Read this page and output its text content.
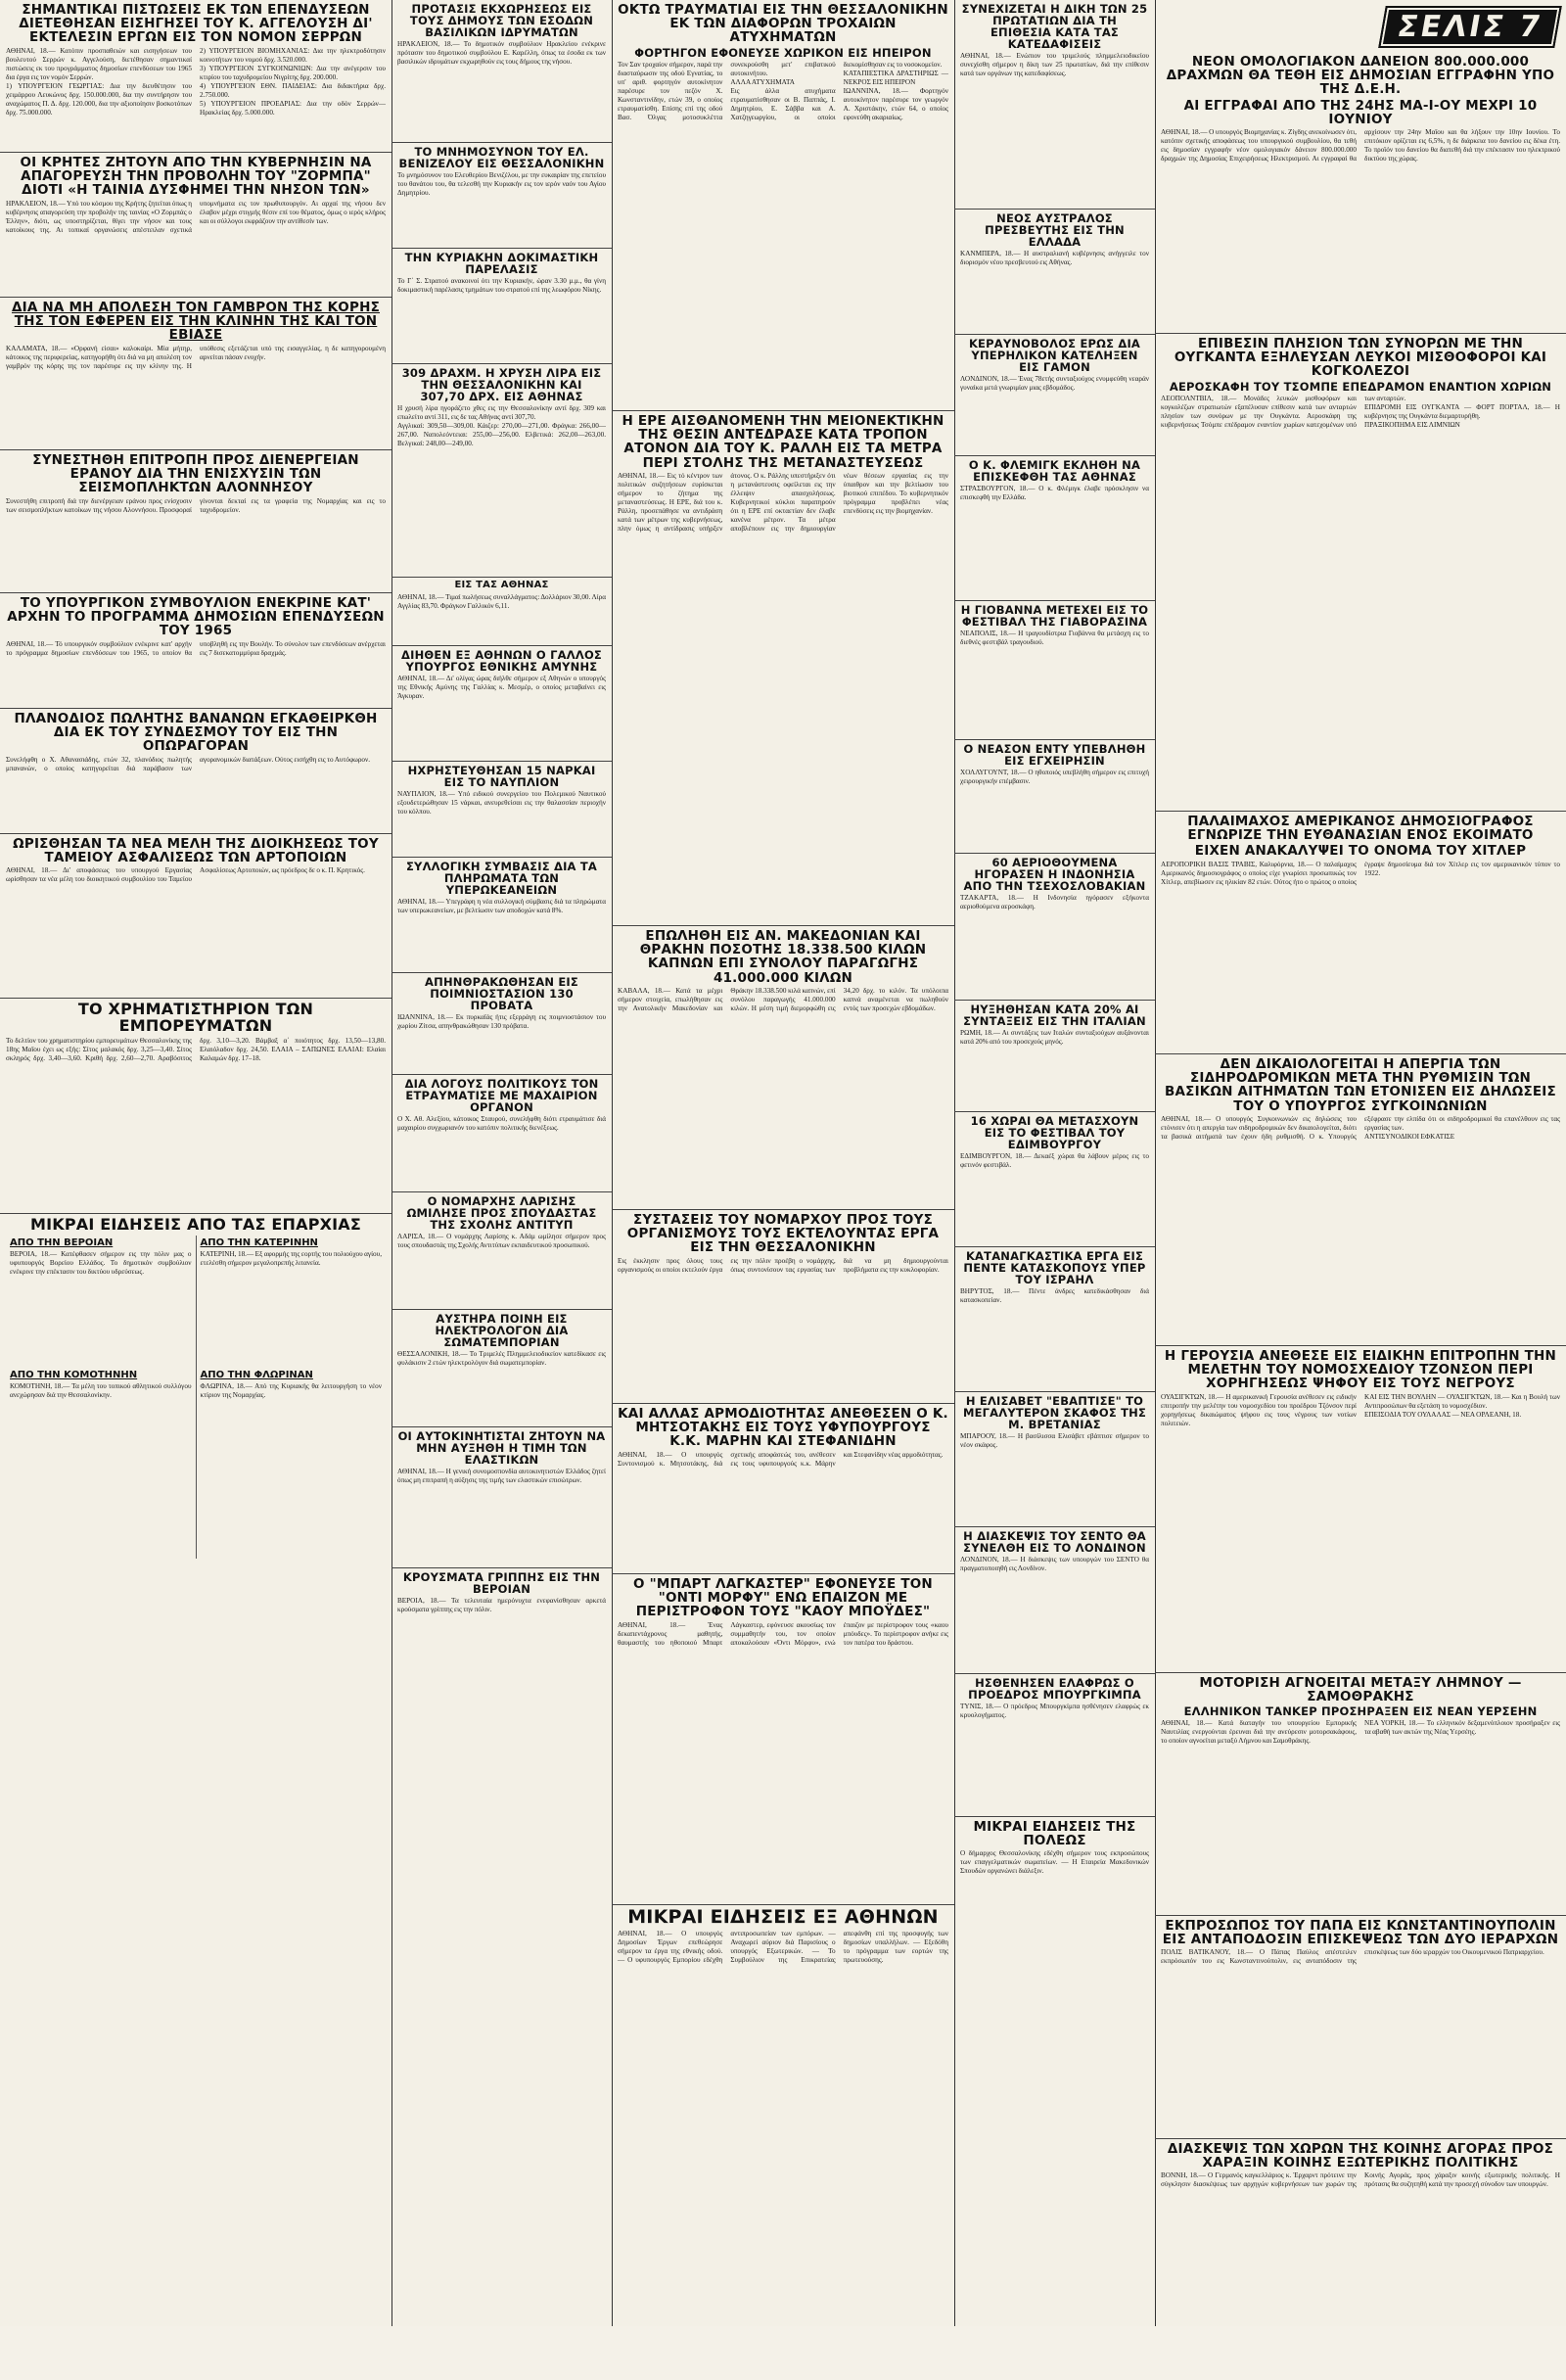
ΣΗΜΑΝΤΙΚΑΙ ΠΙΣΤΩΣΕΙΣ ΕΚ ΤΩΝ ΕΠΕΝΔΥΣΕΩΝ ΔΙΕΤΕΘΗΣΑΝ ΕΙΣΗΓΗΣΕΙ ΤΟΥ Κ. ΑΓΓΕΛΟΥΣΗ ΔΙ' ΕΚΤΕΛΕΣΙΝ ΕΡΓΩΝ ΕΙΣ ΤΟΝ ΝΟΜΟΝ ΣΕΡΡΩΝ
ΑΘΗΝΑΙ, 18.— Κατόπιν προσπαθειών και εισηγήσεων του βουλευτού Σερρών κ. Αγγελούση, διετέθησαν σημαντικαί πιστώσεις εκ του προγράμματος δημοσίων επενδύσεων του 1965 δια έργα εις τον νομόν Σερρών.
1) ΥΠΟΥΡΓΕΙΟΝ ΓΕΩΡΓΙΑΣ: Δια την διευθέτησιν του χειμάρρου Λευκώνος δρχ. 150.000.000, δια την συντήρησιν του αναχώματος Π. Δ. δρχ. 120.000, δια την αξιοποίησιν βοσκοτόπων δρχ. 75.000.000.
2) ΥΠΟΥΡΓΕΙΟΝ ΒΙΟΜΗΧΑΝΙΑΣ: Δια την ηλεκτροδότησιν κοινοτήτων του νομού δρχ. 3.520.000.
3) ΥΠΟΥΡΓΕΙΟΝ ΣΥΓΚΟΙΝΩΝΙΩΝ: Δια την ανέγερσιν του κτιρίου του ταχυδρομείου Νιγρίτης δρχ. 200.000.
4) ΥΠΟΥΡΓΕΙΟΝ ΕΘΝ. ΠΑΙΔΕΙΑΣ: Δια διδακτήρια δρχ. 2.750.000.
5) ΥΠΟΥΡΓΕΙΟΝ ΠΡΟΕΔΡΙΑΣ: Δια την οδόν Σερρών—Ηρακλείας δρχ. 5.000.000.
ΟΙ ΚΡΗΤΕΣ ΖΗΤΟΥΝ ΑΠΟ ΤΗΝ ΚΥΒΕΡΝΗΣΙΝ ΝΑ ΑΠΑΓΟΡΕΥΣΗ ΤΗΝ ΠΡΟΒΟΛΗΝ ΤΟΥ "ΖΟΡΜΠΑ" ΔΙΟΤΙ «Η ΤΑΙΝΙΑ ΔΥΣΦΗΜΕΙ ΤΗΝ ΝΗΣΟΝ ΤΩΝ»
ΗΡΑΚΛΕΙΟΝ, 18.— Υπό του κόσμου της Κρήτης ζητείται όπως η κυβέρνησις απαγορεύση την προβολήν της ταινίας «Ο Ζορμπάς ο Έλλην», διότι, ως υποστηρίζεται, θίγει την νήσον και τους κατοίκους της. Αι τοπικαί οργανώσεις απέστειλαν σχετικά υπομνήματα εις τον πρωθυπουργόν. Αι αρχαί της νήσου δεν έλαβον μέχρι στιγμής θέσιν επί του θέματος, όμως ο ιερός κλήρος και οι σύλλογοι εκφράζουν την αντίθεσίν των.
ΔΙΑ ΝΑ ΜΗ ΑΠΟΛΕΣΗ ΤΟΝ ΓΑΜΒΡΟΝ ΤΗΣ ΚΟΡΗΣ ΤΗΣ ΤΟΝ ΕΦΕΡΕΝ ΕΙΣ ΤΗΝ ΚΛΙΝΗΝ ΤΗΣ ΚΑΙ ΤΟΝ ΕΒΙΑΣΕ
ΚΑΛΑΜΑΤΑ, 18.— «Ορφανή είσαι» καλοκαίρι. Μία μήτηρ, κάτοικος της περιφερείας, κατηγορήθη ότι διά να μη απολέση τον γαμβρόν της κόρης της τον παρέσυρε εις την κλίνην της. Η υπόθεσις εξετάζεται υπό της εισαγγελίας, η δε κατηγορουμένη αρνείται πάσαν ενοχήν.
ΣΥΝΕΣΤΗΘΗ ΕΠΙΤΡΟΠΗ ΠΡΟΣ ΔΙΕΝΕΡΓΕΙΑΝ ΕΡΑΝΟΥ ΔΙΑ ΤΗΝ ΕΝΙΣΧΥΣΙΝ ΤΩΝ ΣΕΙΣΜΟΠΛΗΚΤΩΝ ΑΛΟΝΝΗΣΟΥ
Συνεστήθη επιτροπή διά την διενέργειαν εράνου προς ενίσχυσιν των σεισμοπλήκτων κατοίκων της νήσου Αλοννήσου. Προσφοραί γίνονται δεκταί εις τα γραφεία της Νομαρχίας και εις το ταχυδρομείον.
ΤΟ ΥΠΟΥΡΓΙΚΟΝ ΣΥΜΒΟΥΛΙΟΝ ΕΝΕΚΡΙΝΕ ΚΑΤ' ΑΡΧΗΝ ΤΟ ΠΡΟΓΡΑΜΜΑ ΔΗΜΟΣΙΩΝ ΕΠΕΝΔΥΣΕΩΝ ΤΟΥ 1965
ΑΘΗΝΑΙ, 18.— Τό υπουργικόν συμβούλιον ενέκρινε κατ' αρχήν το πρόγραμμα δημοσίων επενδύσεων του 1965, το οποίον θα υποβληθή εις την Βουλήν. Το σύνολον των επενδύσεων ανέρχεται εις 7 δισεκατομμύρια δραχμάς.
ΠΛΑΝΟΔΙΟΣ ΠΩΛΗΤΗΣ ΒΑΝΑΝΩΝ ΕΓΚΑΘΕΙΡΚΘΗ ΔΙΑ ΕΚ ΤΟΥ ΣΥΝΔΕΣΜΟΥ ΤΟΥ ΕΙΣ ΤΗΝ ΟΠΩΡΑΓΟΡΑΝ
Συνελήφθη ο Χ. Αθανασιάδης, ετών 32, πλανόδιος πωλητής μπανανών, ο οποίος κατηγορείται διά παράβασιν των αγορανομικών διατάξεων. Ούτος εισήχθη εις το Αυτόφωρον.
ΩΡΙΣΘΗΣΑΝ ΤΑ ΝΕΑ ΜΕΛΗ ΤΗΣ ΔΙΟΙΚΗΣΕΩΣ ΤΟΥ ΤΑΜΕΙΟΥ ΑΣΦΑΛΙΣΕΩΣ ΤΩΝ ΑΡΤΟΠΟΙΩΝ
ΑΘΗΝΑΙ, 18.— Δι' αποφάσεως του υπουργού Εργασίας ωρίσθησαν τα νέα μέλη του διοικητικού συμβουλίου του Ταμείου Ασφαλίσεως Αρτοποιών, ως πρόεδρος δε ο κ. Π. Κρητικός.
ΤΟ ΧΡΗΜΑΤΙΣΤΗΡΙΟΝ ΤΩΝ ΕΜΠΟΡΕΥΜΑΤΩΝ
Το δελτίον του χρηματιστηρίου εμπορευμάτων Θεσσαλονίκης της 18ης Μαΐου έχει ως εξής: Σίτος μαλακός δρχ. 3,25—3,40. Σίτος σκληρός δρχ. 3,40—3,60. Κριθή δρχ. 2,60—2,70. Αραβόσιτος δρχ. 3,10—3,20. Βάμβαξ α΄ ποιότητος δρχ. 13,50—13,80. Ελαιόλαδον δρχ. 24,50. ΕΛΑΙΑ – ΣΑΠΩΝΕΣ ΕΛΑΙΑΙ: Ελαίαι Καλαμών δρχ. 17–18.
ΜΙΚΡΑΙ ΕΙΔΗΣΕΙΣ ΑΠΟ ΤΑΣ ΕΠΑΡΧΙΑΣ
ΑΠΟ ΤΗΝ ΒΕΡΟΙΑΝ
ΒΕΡΟΙΑ, 18.— Κατέφθασεν σήμερον εις την πόλιν μας ο υφυπουργός Βορείου Ελλάδος. Το δημοτικόν συμβούλιον ενέκρινε την επέκτασιν του δικτύου υδρεύσεως.
ΑΠΟ ΤΗΝ ΚΟΜΟΤΗΝΗΝ
ΚΟΜΟΤΗΝΗ, 18.— Τα μέλη του τοπικού αθλητικού συλλόγου ανεχώρησαν διά την Θεσσαλονίκην.
ΑΠΟ ΤΗΝ ΚΑΤΕΡΙΝΗΝ
ΚΑΤΕΡΙΝΗ, 18.— Εξ αφορμής της εορτής του πολιούχου αγίου, ετελέσθη σήμερον μεγαλοπρεπής λιτανεία.
ΑΠΟ ΤΗΝ ΦΛΩΡΙΝΑΝ
ΦΛΩΡΙΝΑ, 18.— Από της Κυριακής θα λειτουργήση το νέον κτίριον της Νομαρχίας.
ΠΡΟΤΑΣΙΣ ΕΚΧΩΡΗΣΕΩΣ ΕΙΣ ΤΟΥΣ ΔΗΜΟΥΣ ΤΩΝ ΕΣΟΔΩΝ ΒΑΣΙΛΙΚΩΝ ΙΔΡΥΜΑΤΩΝ
ΗΡΑΚΛΕΙΟΝ, 18.— Το δημοτικόν συμβούλιον Ηρακλείου ενέκρινε πρότασιν του δημοτικού συμβούλου Ε. Καρέλλη, όπως τα έσοδα εκ των βασιλικών ιδρυμάτων εκχωρηθούν εις τους δήμους της νήσου.
ΤΟ ΜΝΗΜΟΣΥΝΟΝ ΤΟΥ ΕΛ. ΒΕΝΙΖΕΛΟΥ ΕΙΣ ΘΕΣΣΑΛΟΝΙΚΗΝ
Το μνημόσυνον του Ελευθερίου Βενιζέλου, με την ευκαιρίαν της επετείου του θανάτου του, θα τελεσθή την Κυριακήν εις τον ιερόν ναόν του Αγίου Δημητρίου.
ΤΗΝ ΚΥΡΙΑΚΗΝ ΔΟΚΙΜΑΣΤΙΚΗ ΠΑΡΕΛΑΣΙΣ
Το Γ΄ Σ. Στρατού ανακοινοί ότι την Κυριακήν, ώραν 3.30 μ.μ., θα γίνη δοκιμαστική παρέλασις τμημάτων του στρατού επί της λεωφόρου Νίκης.
309 ΔΡΑΧΜ. Η ΧΡΥΣΗ ΛΙΡΑ ΕΙΣ ΤΗΝ ΘΕΣΣΑΛΟΝΙΚΗΝ ΚΑΙ 307,70 ΔΡΧ. ΕΙΣ ΑΘΗΝΑΣ
Η χρυσή λίρα ηγοράζετο χθες εις την Θεσσαλονίκην αντί δρχ. 309 και επωλείτο αντί 311, εις δε τας Αθήνας αντί 307,70.
Αγγλικαί: 309,50—309,00. Κάιζερ: 270,00—271,00. Φράγκα: 266,00—267,00. Ναπολεόντειαι: 255,00—256,00. Ελβετικά: 262,00—263,00. Βελγικαί: 248,00—249,00.
ΕΙΣ ΤΑΣ ΑΘΗΝΑΣ
ΑΘΗΝΑΙ, 18.— Τιμαί πωλήσεως συναλλάγματος: Δολλάριον 30,00. Λίρα Αγγλίας 83,70. Φράγκον Γαλλικόν 6,11.
ΔΙΗΘΕΝ ΕΞ ΑΘΗΝΩΝ Ο ΓΑΛΛΟΣ ΥΠΟΥΡΓΟΣ ΕΘΝΙΚΗΣ ΑΜΥΝΗΣ
ΑΘΗΝΑΙ, 18.— Δι' ολίγας ώρας διήλθε σήμερον εξ Αθηνών ο υπουργός της Εθνικής Αμύνης της Γαλλίας κ. Μεσμέρ, ο οποίος μεταβαίνει εις Άγκυραν.
ΗΧΡΗΣΤΕΥΘΗΣΑΝ 15 ΝΑΡΚΑΙ ΕΙΣ ΤΟ ΝΑΥΠΛΙΟΝ
ΝΑΥΠΛΙΟΝ, 18.— Υπό ειδικού συνεργείου του Πολεμικού Ναυτικού εξουδετερώθησαν 15 νάρκαι, ανευρεθείσαι εις την θαλασσίαν περιοχήν του κόλπου.
ΣΥΛΛΟΓΙΚΗ ΣΥΜΒΑΣΙΣ ΔΙΑ ΤΑ ΠΛΗΡΩΜΑΤΑ ΤΩΝ ΥΠΕΡΩΚΕΑΝΕΙΩΝ
ΑΘΗΝΑΙ, 18.— Υπεγράφη η νέα συλλογική σύμβασις διά τα πληρώματα των υπερωκεανείων, με βελτίωσιν των αποδοχών κατά 8%.
ΑΠΗΝΘΡΑΚΩΘΗΣΑΝ ΕΙΣ ΠΟΙΜΝΙΟΣΤΑΣΙΟΝ 130 ΠΡΟΒΑΤΑ
ΙΩΑΝΝΙΝΑ, 18.— Εκ πυρκαϊάς ήτις εξερράγη εις ποιμνιοστάσιον του χωρίου Ζίτσα, απηνθρακώθησαν 130 πρόβατα.
ΔΙΑ ΛΟΓΟΥΣ ΠΟΛΙΤΙΚΟΥΣ ΤΟΝ ΕΤΡΑΥΜΑΤΙΣΕ ΜΕ ΜΑΧΑΙΡΙΟΝ ΟΡΓΑΝΟΝ
Ο Χ. Αθ. Αλεξίου, κάτοικος Σταυρού, συνελήφθη διότι ετραυμάτισε διά μαχαιρίου συγχωριανόν του κατόπιν πολιτικής διενέξεως.
Ο ΝΟΜΑΡΧΗΣ ΛΑΡΙΣΗΣ ΩΜΙΛΗΣΕ ΠΡΟΣ ΣΠΟΥΔΑΣΤΑΣ ΤΗΣ ΣΧΟΛΗΣ ΑΝΤΙΤΥΠ
ΛΑΡΙΣΑ, 18.— Ο νομάρχης Λαρίσης κ. Αδάμ ωμίλησε σήμερον προς τους σπουδαστάς της Σχολής Αντιτύπων εκπαιδευτικού προσωπικού.
ΑΥΣΤΗΡΑ ΠΟΙΝΗ ΕΙΣ ΗΛΕΚΤΡΟΛΟΓΟΝ ΔΙΑ ΣΩΜΑΤΕΜΠΟΡΙΑΝ
ΘΕΣΣΑΛΟΝΙΚΗ, 18.— Το Τριμελές Πλημμελειοδικείον κατεδίκασε εις φυλάκισιν 2 ετών ηλεκτρολόγον διά σωματεμπορίαν.
ΟΙ ΑΥΤΟΚΙΝΗΤΙΣΤΑΙ ΖΗΤΟΥΝ ΝΑ ΜΗΝ ΑΥΞΗΘΗ Η ΤΙΜΗ ΤΩΝ ΕΛΑΣΤΙΚΩΝ
ΑΘΗΝΑΙ, 18.— Η γενική συνομοσπονδία αυτοκινητιστών Ελλάδος ζητεί όπως μη επιτραπή η αύξησις της τιμής των ελαστικών επισώτρων.
ΚΡΟΥΣΜΑΤΑ ΓΡΙΠΠΗΣ ΕΙΣ ΤΗΝ ΒΕΡΟΙΑΝ
ΒΕΡΟΙΑ, 18.— Τα τελευταία ημερόνυχτα ενεφανίσθησαν αρκετά κρούσματα γρίππης εις την πόλιν.
ΟΚΤΩ ΤΡΑΥΜΑΤΙΑΙ ΕΙΣ ΤΗΝ ΘΕΣΣΑΛΟΝΙΚΗΝ ΕΚ ΤΩΝ ΔΙΑΦΟΡΩΝ ΤΡΟΧΑΙΩΝ ΑΤΥΧΗΜΑΤΩΝ
ΦΟΡΤΗΓΟΝ ΕΦΟΝΕΥΣΕ ΧΩΡΙΚΟΝ ΕΙΣ ΗΠΕΙΡΟΝ
Τον Σαν τροχαίον σήμερον, παρά την διασταύρωσιν της οδού Εγνατίας, το υπ' αριθ. φορτηγόν αυτοκίνητον παρέσυρε τον πεζόν Χ. Κωνσταντινίδην, ετών 39, ο οποίος ετραυματίσθη. Επίσης επί της οδού Βασ. Όλγας μοτοσυκλέττα συνεκρούσθη μετ' επιβατικού αυτοκινήτου.
ΑΛΛΑ ΑΤΥΧΗΜΑΤΑ
Εις άλλα ατυχήματα ετραυματίσθησαν οι Β. Παππάς, Ι. Δημητρίου, Ε. Σάββα και Α. Χατζηγεωργίου, οι οποίοι διεκομίσθησαν εις το νοσοκομείον.
ΚΑΤΑΠΙΕΣΤΙΚΑ ΔΡΑΣΤΗΡΙΩΣ — ΝΕΚΡΟΣ ΕΙΣ ΗΠΕΙΡΟΝ
ΙΩΑΝΝΙΝΑ, 18.— Φορτηγόν αυτοκίνητον παρέσυρε τον γεωργόν Α. Χριστάκην, ετών 64, ο οποίος εφονεύθη ακαριαίως.
Η ΕΡΕ ΑΙΣΘΑΝΟΜΕΝΗ ΤΗΝ ΜΕΙΟΝΕΚΤΙΚΗΝ ΤΗΣ ΘΕΣΙΝ ΑΝΤΕΔΡΑΣΕ ΚΑΤΑ ΤΡΟΠΟΝ ΑΤΟΝΟΝ ΔΙΑ ΤΟΥ Κ. ΡΑΛΛΗ ΕΙΣ ΤΑ ΜΕΤΡΑ ΠΕΡΙ ΣΤΟΛΗΣ ΤΗΣ ΜΕΤΑΝΑΣΤΕΥΣΕΩΣ
ΑΘΗΝΑΙ, 18.— Εις τό κέντρον των πολιτικών συζητήσεων ευρίσκεται σήμερον το ζήτημα της μεταναστεύσεως. Η ΕΡΕ, διά του κ. Ράλλη, προσεπάθησε να αντιδράση κατά των μέτρων της κυβερνήσεως, πλην όμως η αντίδρασις υπήρξεν άτονος. Ο κ. Ράλλης υπεστήριξεν ότι η μετανάστευσις οφείλεται εις την έλλειψιν απασχολήσεως. Κυβερνητικοί κύκλοι παρατηρούν ότι η ΕΡΕ επί οκταετίαν δεν έλαβε κανένα μέτρον. Τα μέτρα αποβλέπουν εις την δημιουργίαν νέων θέσεων εργασίας εις την ύπαιθρον και την βελτίωσιν του βιοτικού επιπέδου. Το κυβερνητικόν πρόγραμμα προβλέπει νέας επενδύσεις εις την βιομηχανίαν.
ΕΠΩΛΗΘΗ ΕΙΣ ΑΝ. ΜΑΚΕΔΟΝΙΑΝ ΚΑΙ ΘΡΑΚΗΝ ΠΟΣΟΤΗΣ 18.338.500 ΚΙΛΩΝ ΚΑΠΝΩΝ ΕΠΙ ΣΥΝΟΛΟΥ ΠΑΡΑΓΩΓΗΣ 41.000.000 ΚΙΛΩΝ
ΚΑΒΑΛΑ, 18.— Κατά τα μέχρι σήμερον στοιχεία, επωλήθησαν εις την Ανατολικήν Μακεδονίαν και Θράκην 18.338.500 κιλά καπνών, επί συνόλου παραγωγής 41.000.000 κιλών. Η μέση τιμή διεμορφώθη εις 34,20 δρχ. το κιλόν. Τα υπόλοιπα καπνά αναμένεται να πωληθούν εντός των προσεχών εβδομάδων.
ΣΥΣΤΑΣΕΙΣ ΤΟΥ ΝΟΜΑΡΧΟΥ ΠΡΟΣ ΤΟΥΣ ΟΡΓΑΝΙΣΜΟΥΣ ΤΟΥΣ ΕΚΤΕΛΟΥΝΤΑΣ ΕΡΓΑ ΕΙΣ ΤΗΝ ΘΕΣΣΑΛΟΝΙΚΗΝ
Εις έκκλησιν προς όλους τους οργανισμούς οι οποίοι εκτελούν έργα εις την πόλιν προέβη ο νομάρχης, όπως συντονίσουν τας εργασίας των διά να μη δημιουργούνται προβλήματα εις την κυκλοφορίαν.
ΚΑΙ ΑΛΛΑΣ ΑΡΜΟΔΙΟΤΗΤΑΣ ΑΝΕΘΕΣΕΝ Ο Κ. ΜΗΤΣΟΤΑΚΗΣ ΕΙΣ ΤΟΥΣ ΥΦΥΠΟΥΡΓΟΥΣ Κ.Κ. ΜΑΡΗΝ ΚΑΙ ΣΤΕΦΑΝΙΔΗΝ
ΑΘΗΝΑΙ, 18.— Ο υπουργός Συντονισμού κ. Μητσοτάκης, διά σχετικής αποφάσεώς του, ανέθεσεν εις τους υφυπουργούς κ.κ. Μάρην και Στεφανίδην νέας αρμοδιότητας.
Ο "ΜΠΑΡΤ ΛΑΓΚΑΣΤΕΡ" ΕΦΟΝΕΥΣΕ ΤΟΝ "ΟΝΤΙ ΜΟΡΦΥ" ΕΝΩ ΕΠΑΙΖΟΝ ΜΕ ΠΕΡΙΣΤΡΟΦΟΝ ΤΟΥΣ "ΚΑΟΥ ΜΠΟΫΔΕΣ"
ΑΘΗΝΑΙ, 18.— Ένας δεκαπεντάχρονος μαθητής, θαυμαστής του ηθοποιού Μπαρτ Λάγκαστερ, εφόνευσε ακουσίως τον συμμαθητήν του, τον οποίον αποκαλούσαν «Όντι Μόρφυ», ενώ έπαιζον με περίστροφον τους «καου μπόυδες». Το περίστροφον ανήκε εις τον πατέρα του δράστου.
ΜΙΚΡΑΙ ΕΙΔΗΣΕΙΣ ΕΞ ΑΘΗΝΩΝ
ΑΘΗΝΑΙ, 18.— Ο υπουργός Δημοσίων Έργων επεθεώρησε σήμερον τα έργα της εθνικής οδού. — Ο υφυπουργός Εμπορίου εδέχθη αντιπροσωπείαν των εμπόρων. — Αναχωρεί αύριον διά Παρισίους ο υπουργός Εξωτερικών. — Το Συμβούλιον της Επικρατείας απεφάνθη επί της προσφυγής των δημοσίων υπαλλήλων. — Εξεδόθη το πρόγραμμα των εορτών της πρωτευούσης.
ΣΥΝΕΧΙΖΕΤΑΙ Η ΔΙΚΗ ΤΩΝ 25 ΠΡΩΤΑΤΙΩΝ ΔΙΑ ΤΗ ΕΠΙΘΕΣΙΑ ΚΑΤΑ ΤΑΣ ΚΑΤΕΔΑΦΙΣΕΙΣ
ΑΘΗΝΑΙ, 18.— Ενώπιον του τριμελούς πλημμελειοδικείου συνεχίσθη σήμερον η δίκη των 25 πρωτατίων, διά την επίθεσιν κατά των οργάνων της κατεδαφίσεως.
ΝΕΟΣ ΑΥΣΤΡΑΛΟΣ ΠΡΕΣΒΕΥΤΗΣ ΕΙΣ ΤΗΝ ΕΛΛΑΔΑ
ΚΑΝΜΠΕΡΑ, 18.— Η αυστραλιανή κυβέρνησις ανήγγειλε τον διορισμόν νέου πρεσβευτού εις Αθήνας.
ΚΕΡΑΥΝΟΒΟΛΟΣ ΕΡΩΣ ΔΙΑ ΥΠΕΡΗΛΙΚΟΝ ΚΑΤΕΛΗΞΕΝ ΕΙΣ ΓΑΜΟΝ
ΛΟΝΔΙΝΟΝ, 18.— Ένας 78ετής συνταξιούχος ενυμφεύθη νεαράν γυναίκα μετά γνωριμίαν μιας εβδομάδος.
Ο Κ. ΦΛΕΜΙΓΚ ΕΚΛΗΘΗ ΝΑ ΕΠΙΣΚΕΦΘΗ ΤΑΣ ΑΘΗΝΑΣ
ΣΤΡΑΣΒΟΥΡΓΟΝ, 18.— Ο κ. Φλέμιγκ έλαβε πρόσκλησιν να επισκεφθή την Ελλάδα.
Η ΓΙΟΒΑΝΝΑ ΜΕΤΕΧΕΙ ΕΙΣ ΤΟ ΦΕΣΤΙΒΑΛ ΤΗΣ ΓΙΑΒΟΡΑΣΙΝΑ
ΝΕΑΠΟΛΙΣ, 18.— Η τραγουδίστρια Γιοβάννα θα μετάσχη εις το διεθνές φεστιβάλ τραγουδιού.
Ο ΝΕΑΣΟΝ ΕΝΤΥ ΥΠΕΒΛΗΘΗ ΕΙΣ ΕΓΧΕΙΡΗΣΙΝ
ΧΟΛΛΥΓΟΥΝΤ, 18.— Ο ηθοποιός υπεβλήθη σήμερον εις επιτυχή χειρουργικήν επέμβασιν.
60 ΑΕΡΙΟΘΟΥΜΕΝΑ ΗΓΟΡΑΣΕΝ Η ΙΝΔΟΝΗΣΙΑ ΑΠΟ ΤΗΝ ΤΣΕΧΟΣΛΟΒΑΚΙΑΝ
ΤΖΑΚΑΡΤΑ, 18.— Η Ινδονησία ηγόρασεν εξήκοντα αεριοθούμενα αεροσκάφη.
ΗΥΞΗΘΗΣΑΝ ΚΑΤΑ 20% ΑΙ ΣΥΝΤΑΞΕΙΣ ΕΙΣ ΤΗΝ ΙΤΑΛΙΑΝ
ΡΩΜΗ, 18.— Αι συντάξεις των Ιταλών συνταξιούχων αυξάνονται κατά 20% από του προσεχούς μηνός.
16 ΧΩΡΑΙ ΘΑ ΜΕΤΑΣΧΟΥΝ ΕΙΣ ΤΟ ΦΕΣΤΙΒΑΛ ΤΟΥ ΕΔΙΜΒΟΥΡΓΟΥ
ΕΔΙΜΒΟΥΡΓΟΝ, 18.— Δεκαέξ χώραι θα λάβουν μέρος εις το φετινόν φεστιβάλ.
ΚΑΤΑΝΑΓΚΑΣΤΙΚΑ ΕΡΓΑ ΕΙΣ ΠΕΝΤΕ ΚΑΤΑΣΚΟΠΟΥΣ ΥΠΕΡ ΤΟΥ ΙΣΡΑΗΛ
ΒΗΡΥΤΟΣ, 18.— Πέντε άνδρες κατεδικάσθησαν διά κατασκοπείαν.
Η ΕΛΙΣΑΒΕΤ "ΕΒΑΠΤΙΣΕ" ΤΟ ΜΕΓΑΛΥΤΕΡΟΝ ΣΚΑΦΟΣ ΤΗΣ Μ. ΒΡΕΤΑΝΙΑΣ
ΜΠΑΡΟΟΥ, 18.— Η βασίλισσα Ελισάβετ εβάπτισε σήμερον το νέον σκάφος.
Η ΔΙΑΣΚΕΨΙΣ ΤΟΥ ΣΕΝΤΟ ΘΑ ΣΥΝΕΛΘΗ ΕΙΣ ΤΟ ΛΟΝΔΙΝΟΝ
ΛΟΝΔΙΝΟΝ, 18.— Η διάσκεψις των υπουργών του ΣΕΝΤΟ θα πραγματοποιηθή εις Λονδίνον.
ΗΣΘΕΝΗΣΕΝ ΕΛΑΦΡΩΣ Ο ΠΡΟΕΔΡΟΣ ΜΠΟΥΡΓΚΙΜΠΑ
ΤΥΝΙΣ, 18.— Ο πρόεδρος Μπουργκίμπα ησθένησεν ελαφρώς εκ κρυολογήματος.
ΜΙΚΡΑΙ ΕΙΔΗΣΕΙΣ ΤΗΣ ΠΟΛΕΩΣ
Ο δήμαρχος Θεσσαλονίκης εδέχθη σήμερον τους εκπροσώπους των επαγγελματικών σωματείων. — Η Εταιρεία Μακεδονικών Σπουδών οργανώνει διάλεξιν.
ΣΕΛΙΣ 7
ΝΕΟΝ ΟΜΟΛΟΓΙΑΚΟΝ ΔΑΝΕΙΟΝ 800.000.000 ΔΡΑΧΜΩΝ ΘΑ ΤΕΘΗ ΕΙΣ ΔΗΜΟΣΙΑΝ ΕΓΓΡΑΦΗΝ ΥΠΟ ΤΗΣ Δ.Ε.Η.
ΑΙ ΕΓΓΡΑΦΑΙ ΑΠΟ ΤΗΣ 24ΗΣ ΜΑ-Ι-ΟΥ ΜΕΧΡΙ 10 ΙΟΥΝΙΟΥ
ΑΘΗΝΑΙ, 18.— Ο υπουργός Βιομηχανίας κ. Ζίγδης ανεκοίνωσεν ότι, κατόπιν σχετικής αποφάσεως του υπουργικού συμβουλίου, θα τεθή εις δημοσίαν εγγραφήν νέον ομολογιακόν δάνειον 800.000.000 δραχμών της Δημοσίας Επιχειρήσεως Ηλεκτρισμού. Αι εγγραφαί θα αρχίσουν την 24ην Μαΐου και θα λήξουν την 10ην Ιουνίου. Το επιτόκιον ορίζεται εις 6,5%, η δε διάρκεια του δανείου εις δέκα έτη. Το προϊόν του δανείου θα διατεθή διά την επέκτασιν του ηλεκτρικού δικτύου της χώρας.
ΕΠΙΒΕΣΙΝ ΠΛΗΣΙΟΝ ΤΩΝ ΣΥΝΟΡΩΝ ΜΕ ΤΗΝ ΟΥΓΚΑΝΤΑ ΕΞΗΛΕΥΣΑΝ ΛΕΥΚΟΙ ΜΙΣΘΟΦΟΡΟΙ ΚΑΙ ΚΟΓΚΟΛΕΖΟΙ
ΑΕΡΟΣΚΑΦΗ ΤΟΥ ΤΣΟΜΠΕ ΕΠΕΔΡΑΜΟΝ ΕΝΑΝΤΙΟΝ ΧΩΡΙΩΝ
ΛΕΟΠΟΛΝΤΒΙΛ, 18.— Μονάδες λευκών μισθοφόρων και κογκολέζων στρατιωτών εξαπέλυσαν επίθεσιν κατά των ανταρτών πλησίον των συνόρων με την Ουγκάντα. Αεροσκάφη της κυβερνήσεως Τσόμπε επέδραμον εναντίον χωρίων κατεχομένων υπό των ανταρτών.
ΕΠΙΔΡΟΜΗ ΕΙΣ ΟΥΓΚΑΝΤΑ — ΦΟΡΤ ΠΟΡΤΑΛ, 18.— Η κυβέρνησις της Ουγκάντα διεμαρτυρήθη.
ΠΡΑΞΙΚΟΠΗΜΑ ΕΙΣ ΛΙΜΝΙΩΝ
ΠΑΛΑΙΜΑΧΟΣ ΑΜΕΡΙΚΑΝΟΣ ΔΗΜΟΣΙΟΓΡΑΦΟΣ ΕΓΝΩΡΙΖΕ ΤΗΝ ΕΥΘΑΝΑΣΙΑΝ ΕΝΟΣ ΕΚΟΙΜΑΤΟ
ΕΙΧΕΝ ΑΝΑΚΑΛΥΨΕΙ ΤΟ ΟΝΟΜΑ ΤΟΥ ΧΙΤΛΕΡ
ΑΕΡΟΠΟΡΙΚΗ ΒΑΣΙΣ ΤΡΑΒΙΣ, Καλιφόρνια, 18.— Ο παλαίμαχος Αμερικανός δημοσιογράφος ο οποίος είχε γνωρίσει προσωπικώς τον Χίτλερ, απεβίωσεν εις ηλικίαν 82 ετών. Ούτος ήτο ο πρώτος ο οποίος έγραψε δημοσίευμα διά τον Χίτλερ εις τον αμερικανικόν τύπον το 1922.
ΔΕΝ ΔΙΚΑΙΟΛΟΓΕΙΤΑΙ Η ΑΠΕΡΓΙΑ ΤΩΝ ΣΙΔΗΡΟΔΡΟΜΙΚΩΝ ΜΕΤΑ ΤΗΝ ΡΥΘΜΙΣΙΝ ΤΩΝ ΒΑΣΙΚΩΝ ΑΙΤΗΜΑΤΩΝ ΤΩΝ ΕΤΟΝΙΣΕΝ ΕΙΣ ΔΗΛΩΣΕΙΣ ΤΟΥ Ο ΥΠΟΥΡΓΟΣ ΣΥΓΚΟΙΝΩΝΙΩΝ
ΑΘΗΝΑΙ, 18.— Ο υπουργός Συγκοινωνιών εις δηλώσεις του ετόνισεν ότι η απεργία των σιδηροδρομικών δεν δικαιολογείται, διότι τα βασικά αιτήματά των έχουν ήδη ρυθμισθή. Ο κ. Υπουργός εξέφρασε την ελπίδα ότι οι σιδηροδρομικοί θα επανέλθουν εις τας εργασίας των.
ΑΝΤΙΣΥΝΟΔΙΚΟΙ ΕΦΚΑΤΙΣΕ
Η ΓΕΡΟΥΣΙΑ ΑΝΕΘΕΣΕ ΕΙΣ ΕΙΔΙΚΗΝ ΕΠΙΤΡΟΠΗΝ ΤΗΝ ΜΕΛΕΤΗΝ ΤΟΥ ΝΟΜΟΣΧΕΔΙΟΥ ΤΖΟΝΣΟΝ ΠΕΡΙ ΧΟΡΗΓΗΣΕΩΣ ΨΗΦΟΥ ΕΙΣ ΤΟΥΣ ΝΕΓΡΟΥΣ
ΟΥΑΣΙΓΚΤΩΝ, 18.— Η αμερικανική Γερουσία ανέθεσεν εις ειδικήν επιτροπήν την μελέτην του νομοσχεδίου του προέδρου Τζόνσον περί χορηγήσεως δικαιώματος ψήφου εις τους νέγρους των νοτίων πολιτειών.
ΚΑΙ ΕΙΣ ΤΗΝ ΒΟΥΛΗΝ — ΟΥΑΣΙΓΚΤΩΝ, 18.— Και η Βουλή των Αντιπροσώπων θα εξετάση το νομοσχέδιον.
ΕΠΕΙΣΟΔΙΑ ΤΟΥ ΟΥΛΑΛΑΣ — ΝΕΑ ΟΡΛΕΑΝΗ, 18.
ΜΟΤΟΡΙΣΗ ΑΓΝΟΕΙΤΑΙ ΜΕΤΑΞΥ ΛΗΜΝΟΥ — ΣΑΜΟΘΡΑΚΗΣ
ΕΛΛΗΝΙΚΟΝ ΤΑΝΚΕΡ ΠΡΟΣΗΡΑΞΕΝ ΕΙΣ ΝΕΑΝ ΥΕΡΣΕΗΝ
ΑΘΗΝΑΙ, 18.— Κατά διαταγήν του υπουργείου Εμπορικής Ναυτιλίας ενεργούνται έρευναι διά την ανεύρεσιν μοτορσακάφους, το οποίον αγνοείται μεταξύ Λήμνου και Σαμοθράκης.
ΝΕΑ ΥΟΡΚΗ, 18.— Το ελληνικόν δεξαμενόπλοιον προσήραξεν εις τα αβαθή των ακτών της Νέας Υερσέης.
ΕΚΠΡΟΣΩΠΟΣ ΤΟΥ ΠΑΠΑ ΕΙΣ ΚΩΝΣΤΑΝΤΙΝΟΥΠΟΛΙΝ ΕΙΣ ΑΝΤΑΠΟΔΟΣΙΝ ΕΠΙΣΚΕΨΕΩΣ ΤΩΝ ΔΥΟ ΙΕΡΑΡΧΩΝ
ΠΟΛΙΣ ΒΑΤΙΚΑΝΟΥ, 18.— Ο Πάπας Παύλος απέστειλεν εκπρόσωπόν του εις Κωνσταντινούπολιν, εις ανταπόδοσιν της επισκέψεως των δύο ιεραρχών του Οικουμενικού Πατριαρχείου.
ΔΙΑΣΚΕΨΙΣ ΤΩΝ ΧΩΡΩΝ ΤΗΣ ΚΟΙΝΗΣ ΑΓΟΡΑΣ ΠΡΟΣ ΧΑΡΑΞΙΝ ΚΟΙΝΗΣ ΕΞΩΤΕΡΙΚΗΣ ΠΟΛΙΤΙΚΗΣ
ΒΟΝΝΗ, 18.— Ο Γερμανός καγκελλάριος κ. Έρχαρντ πρότεινε την σύγκλησιν διασκέψεως των αρχηγών κυβερνήσεων των χωρών της Κοινής Αγοράς, προς χάραξιν κοινής εξωτερικής πολιτικής. Η πρότασις θα συζητηθή κατά την προσεχή σύνοδον των υπουργών.
